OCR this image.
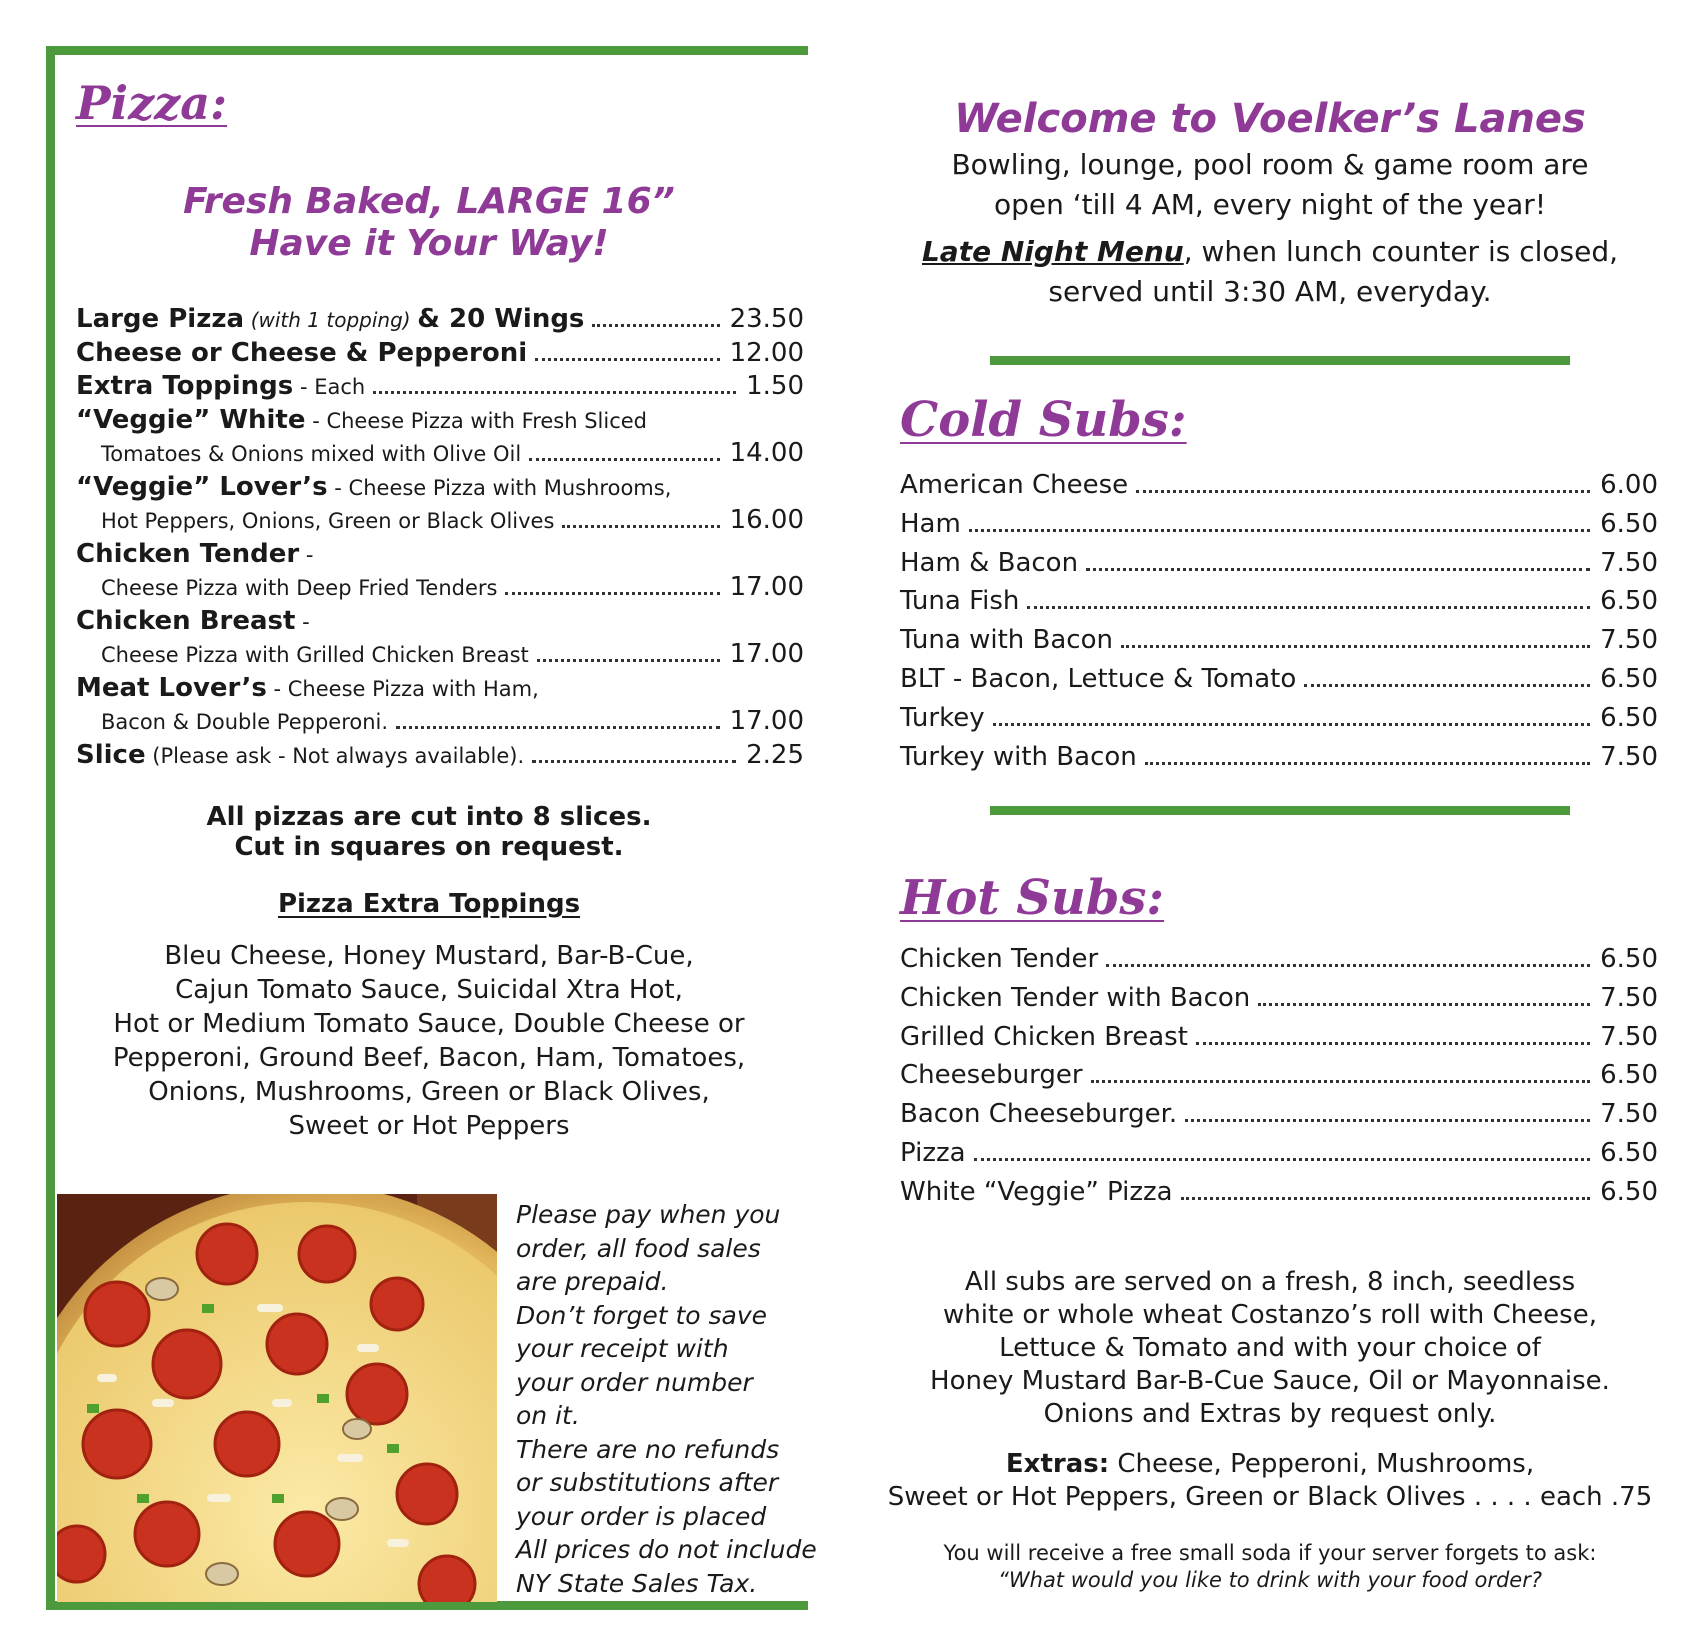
Pizza:
Fresh Baked, LARGE 16”
Have it Your Way!
Large Pizza (with 1 topping) & 20 Wings	23.50
Cheese or Cheese & Pepperoni	12.00
Extra Toppings - Each	1.50
“Veggie” White - Cheese Pizza with Fresh Sliced
Tomatoes & Onions mixed with Olive Oil	14.00
“Veggie” Lover’s - Cheese Pizza with Mushrooms,
Hot Peppers, Onions, Green or Black Olives	16.00
Chicken Tender -
Cheese Pizza with Deep Fried Tenders	17.00
Chicken Breast -
Cheese Pizza with Grilled Chicken Breast	17.00
Meat Lover’s - Cheese Pizza with Ham,
Bacon & Double Pepperoni.	17.00
Slice (Please ask - Not always available).	2.25
All pizzas are cut into 8 slices.
Cut in squares on request.
Pizza Extra Toppings
Bleu Cheese, Honey Mustard, Bar-B-Cue,
Cajun Tomato Sauce, Suicidal Xtra Hot,
Hot or Medium Tomato Sauce, Double Cheese or
Pepperoni, Ground Beef, Bacon, Ham, Tomatoes,
Onions, Mushrooms, Green or Black Olives,
Sweet or Hot Peppers
Please pay when you
order, all food sales
are prepaid.
Don’t forget to save
your receipt with
your order number
on it.
There are no refunds
or substitutions after
your order is placed
All prices do not include
NY State Sales Tax.
Welcome to Voelker’s Lanes
Bowling, lounge, pool room & game room are
open ‘till 4 AM, every night of the year!
Late Night Menu, when lunch counter is closed,
served until 3:30 AM, everyday.
Cold Subs:
American Cheese	6.00
Ham	6.50
Ham & Bacon	7.50
Tuna Fish	6.50
Tuna with Bacon	7.50
BLT - Bacon, Lettuce & Tomato	6.50
Turkey	6.50
Turkey with Bacon	7.50
Hot Subs:
Chicken Tender	6.50
Chicken Tender with Bacon	7.50
Grilled Chicken Breast	7.50
Cheeseburger	6.50
Bacon Cheeseburger.	7.50
Pizza	6.50
White “Veggie” Pizza	6.50
All subs are served on a fresh, 8 inch, seedless
white or whole wheat Costanzo’s roll with Cheese,
Lettuce & Tomato and with your choice of
Honey Mustard Bar-B-Cue Sauce, Oil or Mayonnaise.
Onions and Extras by request only.
Extras: Cheese, Pepperoni, Mushrooms,
Sweet or Hot Peppers, Green or Black Olives . . . . each .75
You will receive a free small soda if your server forgets to ask:
“What would you like to drink with your food order?
